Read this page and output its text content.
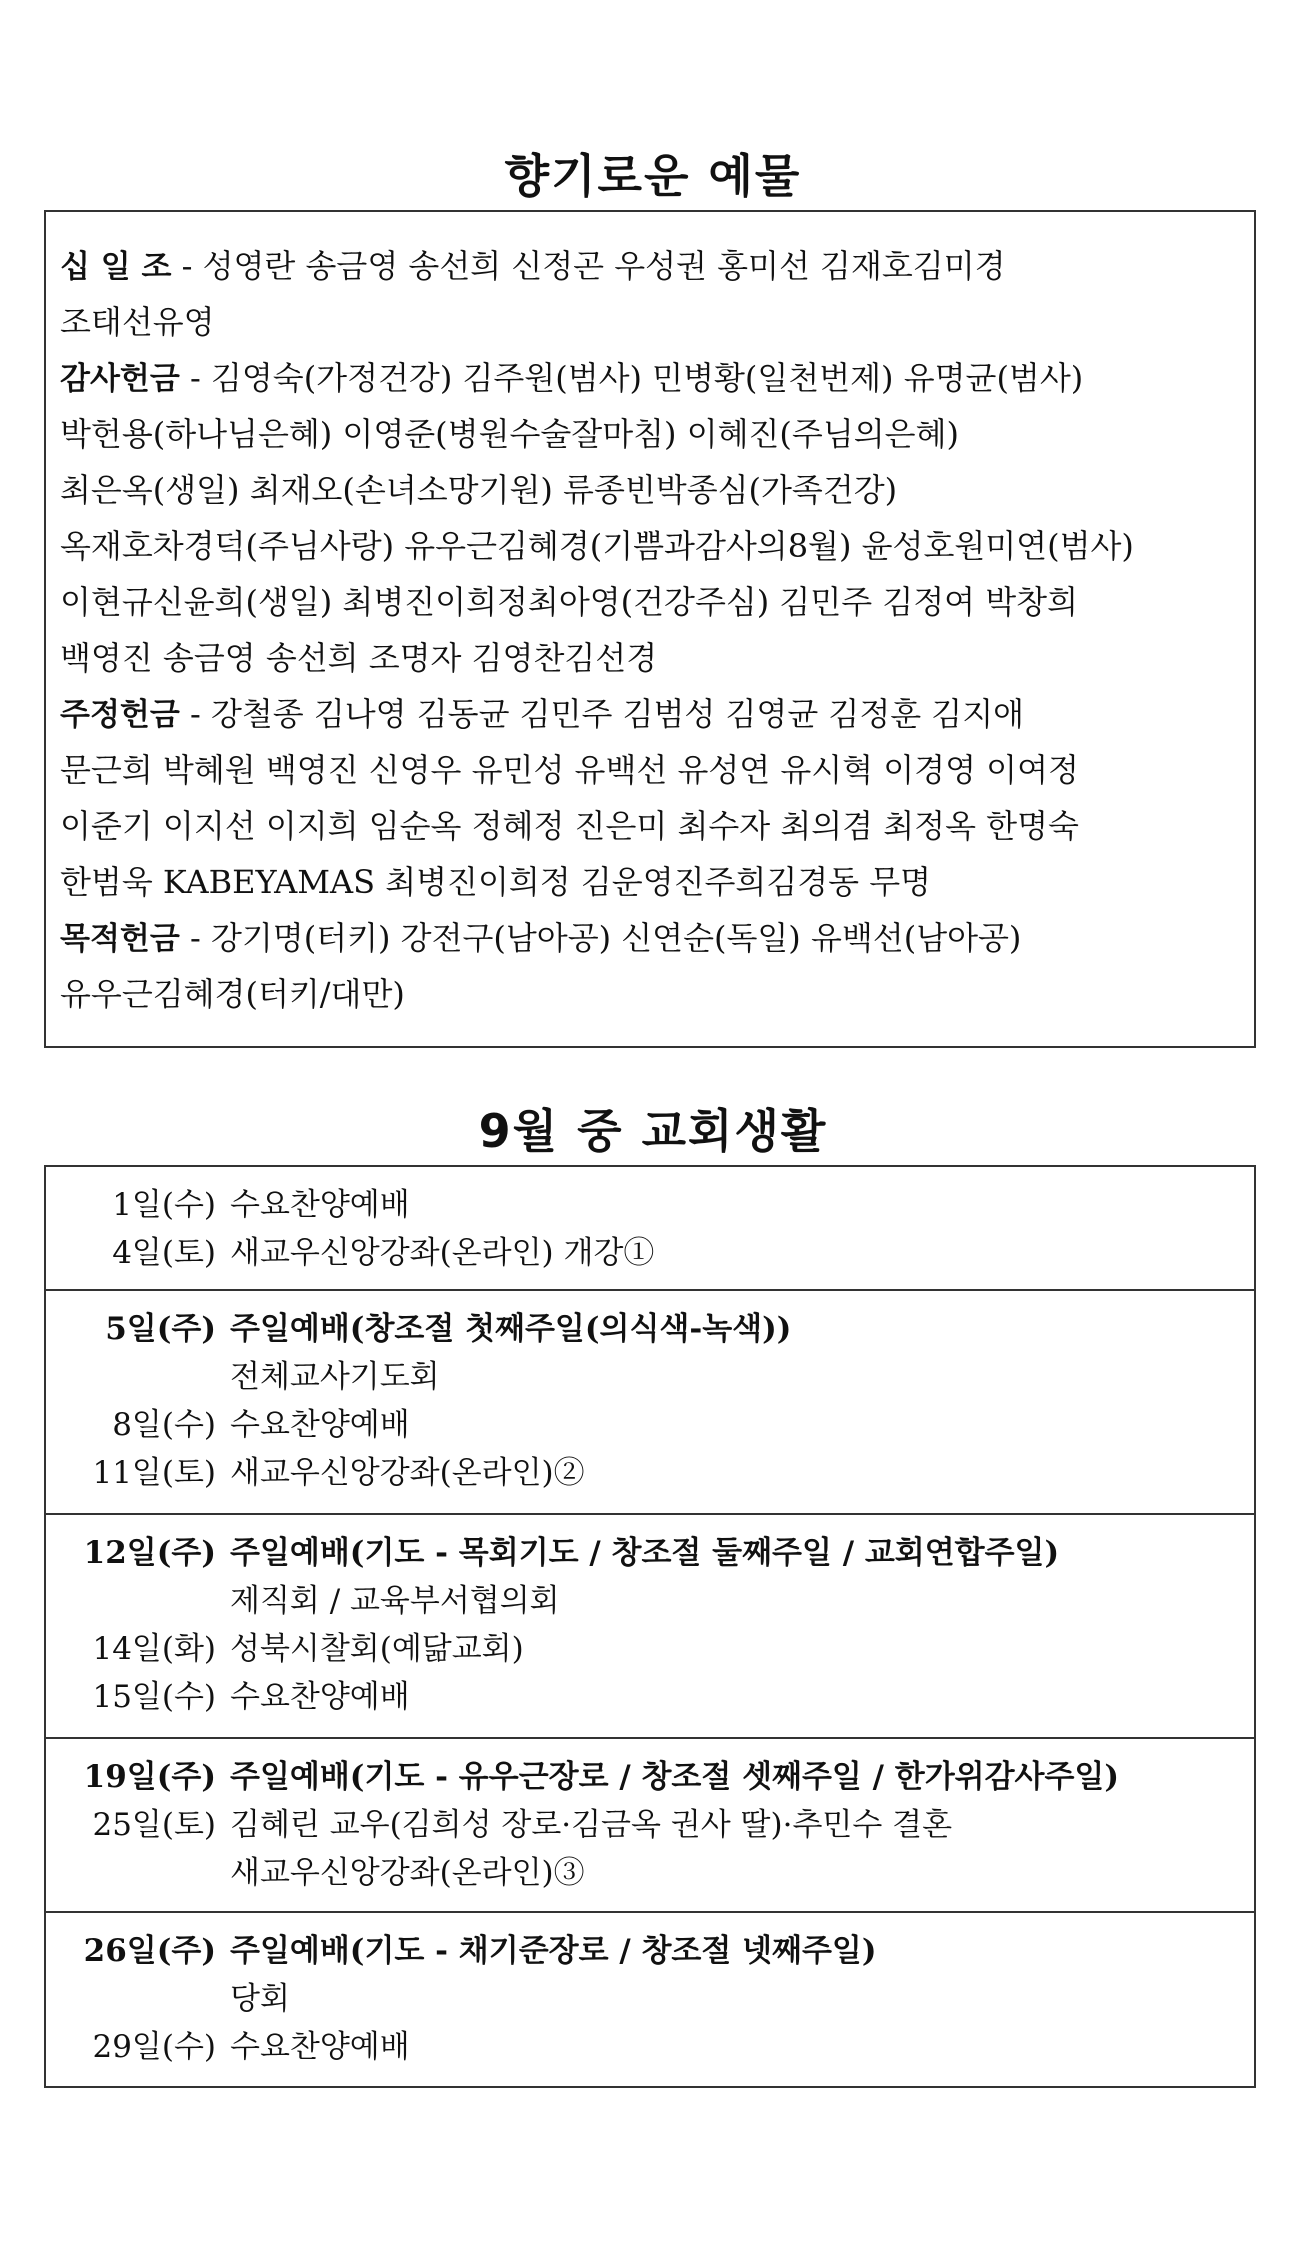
향기로운 예물
십 일 조 - 성영란 송금영 송선희 신정곤 우성권 홍미선 김재호김미경
조태선유영
감사헌금 - 김영숙(가정건강) 김주원(범사) 민병황(일천번제) 유명균(범사)
박헌용(하나님은혜) 이영준(병원수술잘마침) 이혜진(주님의은혜)
최은옥(생일) 최재오(손녀소망기원) 류종빈박종심(가족건강)
옥재호차경덕(주님사랑) 유우근김혜경(기쁨과감사의8월) 윤성호원미연(범사)
이현규신윤희(생일) 최병진이희정최아영(건강주심) 김민주 김정여 박창희
백영진 송금영 송선희 조명자 김영찬김선경
주정헌금 - 강철종 김나영 김동균 김민주 김범성 김영균 김정훈 김지애
문근희 박혜원 백영진 신영우 유민성 유백선 유성연 유시혁 이경영 이여정
이준기 이지선 이지희 임순옥 정혜정 진은미 최수자 최의겸 최정옥 한명숙
한범욱 KABEYAMAS 최병진이희정 김운영진주희김경동 무명
목적헌금 - 강기명(터키) 강전구(남아공) 신연순(독일) 유백선(남아공)
유우근김혜경(터키/대만)
9월 중 교회생활
1일(수) 수요찬양예배
4일(토) 새교우신앙강좌(온라인) 개강①
5일(주) 주일예배(창조절 첫째주일(의식색-녹색))
전체교사기도회
8일(수) 수요찬양예배
11일(토) 새교우신앙강좌(온라인)②
12일(주) 주일예배(기도 - 목회기도 / 창조절 둘째주일 / 교회연합주일)
제직회 / 교육부서협의회
14일(화) 성북시찰회(예닮교회)
15일(수) 수요찬양예배
19일(주) 주일예배(기도 - 유우근장로 / 창조절 셋째주일 / 한가위감사주일)
25일(토) 김혜린 교우(김희성 장로·김금옥 권사 딸)·추민수 결혼
새교우신앙강좌(온라인)③
26일(주) 주일예배(기도 - 채기준장로 / 창조절 넷째주일)
당회
29일(수) 수요찬양예배
